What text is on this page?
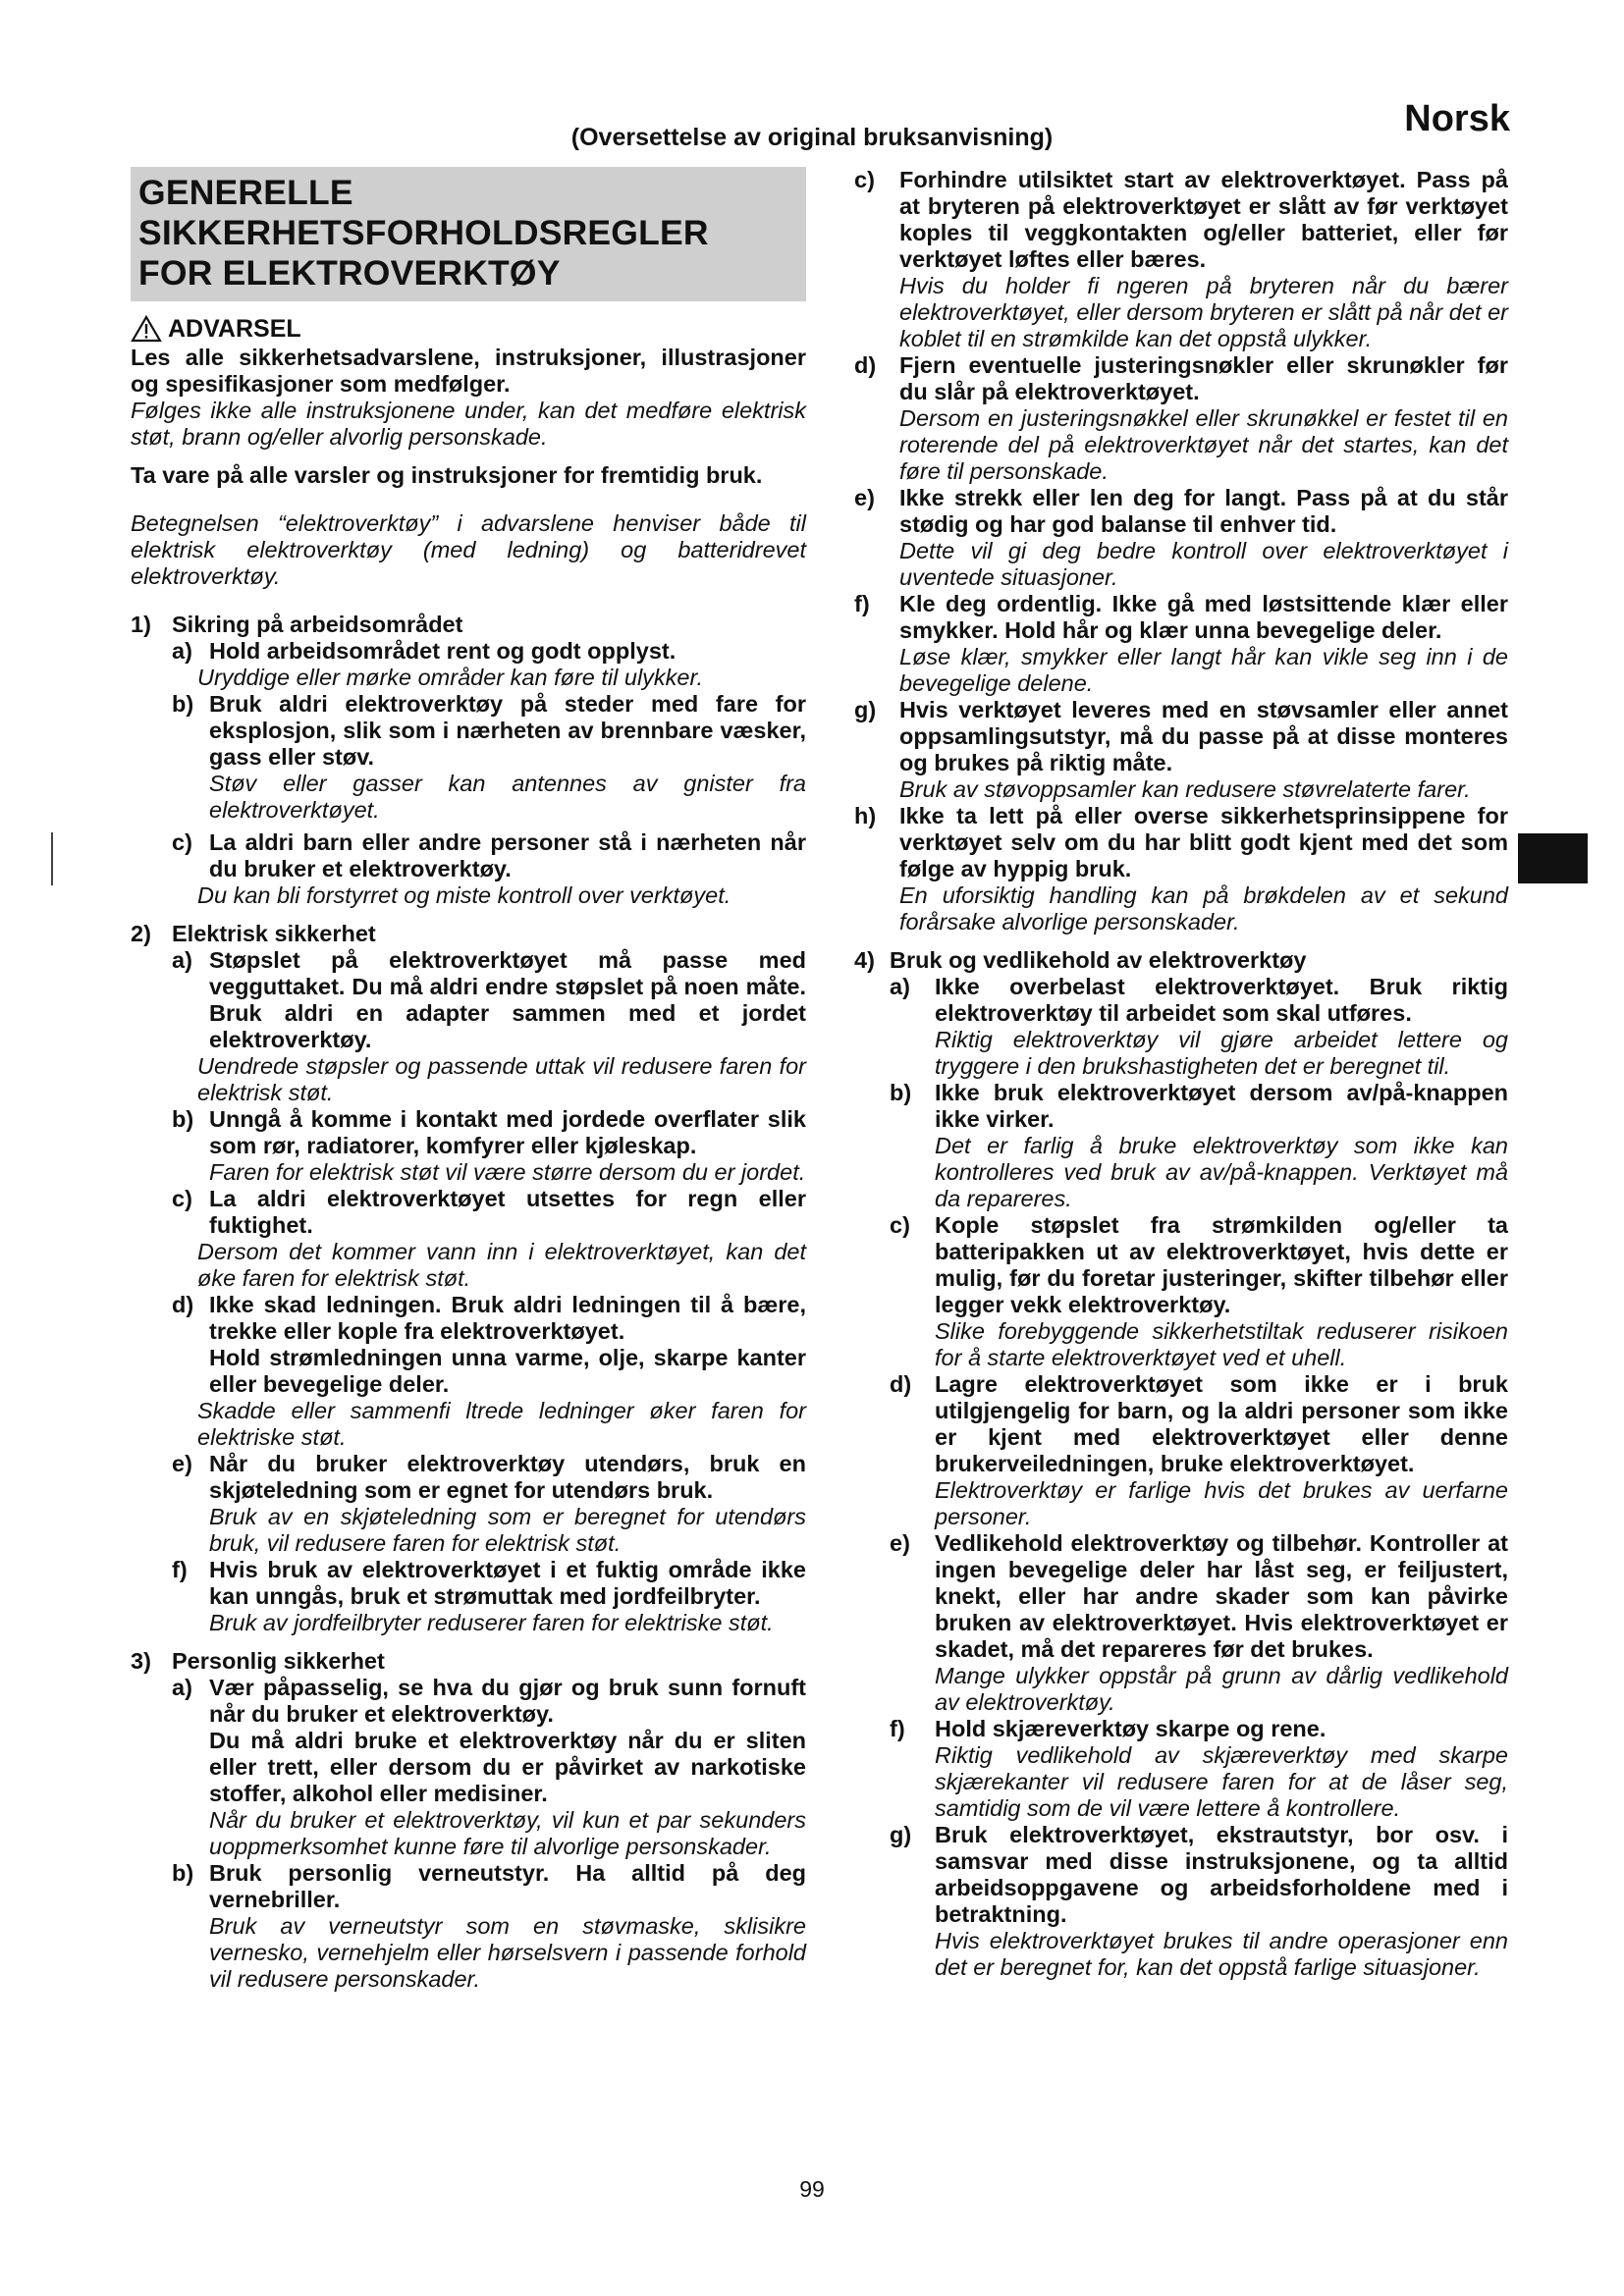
Norsk
(Oversettelse av original bruksanvisning)
GENERELLE
SIKKERHETSFORHOLDSREGLER
FOR ELEKTROVERKTØY
ADVARSEL
Les alle sikkerhetsadvarslene, instruksjoner, illustrasjoner og spesifikasjoner som medfølger.
Følges ikke alle instruksjonene under, kan det medføre elektrisk støt, brann og/eller alvorlig personskade.
Ta vare på alle varsler og instruksjoner for fremtidig bruk.
Betegnelsen “elektroverktøy” i advarslene henviser både til elektrisk elektroverktøy (med ledning) og batteridrevet elektroverktøy.
1) Sikring på arbeidsområdet
a) Hold arbeidsområdet rent og godt opplyst.
Uryddige eller mørke områder kan føre til ulykker.
b) Bruk aldri elektroverktøy på steder med fare for eksplosjon, slik som i nærheten av brennbare væsker, gass eller støv.
Støv eller gasser kan antennes av gnister fra elektroverktøyet.
c) La aldri barn eller andre personer stå i nærheten når du bruker et elektroverktøy.
Du kan bli forstyrret og miste kontroll over verktøyet.
2) Elektrisk sikkerhet
a) Støpslet på elektroverktøyet må passe med vegguttaket. Du må aldri endre støpslet på noen måte. Bruk aldri en adapter sammen med et jordet elektroverktøy.
Uendrede støpsler og passende uttak vil redusere faren for elektrisk støt.
b) Unngå å komme i kontakt med jordede overflater slik som rør, radiatorer, komfyrer eller kjøleskap.
Faren for elektrisk støt vil være større dersom du er jordet.
c) La aldri elektroverktøyet utsettes for regn eller fuktighet.
Dersom det kommer vann inn i elektroverktøyet, kan det øke faren for elektrisk støt.
d) Ikke skad ledningen. Bruk aldri ledningen til å bære, trekke eller kople fra elektroverktøyet.
Hold strømledningen unna varme, olje, skarpe kanter eller bevegelige deler.
Skadde eller sammenfi ltrede ledninger øker faren for elektriske støt.
e) Når du bruker elektroverktøy utendørs, bruk en skjøteledning som er egnet for utendørs bruk.
Bruk av en skjøteledning som er beregnet for utendørs bruk, vil redusere faren for elektrisk støt.
f) Hvis bruk av elektroverktøyet i et fuktig område ikke kan unngås, bruk et strømuttak med jordfeilbryter.
Bruk av jordfeilbryter reduserer faren for elektriske støt.
3) Personlig sikkerhet
a) Vær påpasselig, se hva du gjør og bruk sunn fornuft når du bruker et elektroverktøy.
Du må aldri bruke et elektroverktøy når du er sliten eller trett, eller dersom du er påvirket av narkotiske stoffer, alkohol eller medisiner.
Når du bruker et elektroverktøy, vil kun et par sekunders uoppmerksomhet kunne føre til alvorlige personskader.
b) Bruk personlig verneutstyr. Ha alltid på deg vernebriller.
Bruk av verneutstyr som en støvmaske, sklisikre vernesko, vernehjelm eller hørselsvern i passende forhold vil redusere personskader.
c)	Forhindre utilsiktet start av elektroverktøyet. Pass på at bryteren på elektroverktøyet er slått av før verktøyet koples til veggkontakten og/eller batteriet, eller før verktøyet løftes eller bæres.
Hvis du holder fi ngeren på bryteren når du bærer elektroverktøyet, eller dersom bryteren er slått på når det er koblet til en strømkilde kan det oppstå ulykker.
d)	Fjern eventuelle justeringsnøkler eller skrunøkler før du slår på elektroverktøyet.
Dersom en justeringsnøkkel eller skrunøkkel er festet til en roterende del på elektroverktøyet når det startes, kan det føre til personskade.
e)	Ikke strekk eller len deg for langt. Pass på at du står stødig og har god balanse til enhver tid.
Dette vil gi deg bedre kontroll over elektroverktøyet i uventede situasjoner.
f)	Kle deg ordentlig. Ikke gå med løstsittende klær eller smykker. Hold hår og klær unna bevegelige deler.
Løse klær, smykker eller langt hår kan vikle seg inn i de bevegelige delene.
g)	Hvis verktøyet leveres med en støvsamler eller annet oppsamlingsutstyr, må du passe på at disse monteres og brukes på riktig måte.
Bruk av støvoppsamler kan redusere støvrelaterte farer.
h)	Ikke ta lett på eller overse sikkerhetsprinsippene for verktøyet selv om du har blitt godt kjent med det som følge av hyppig bruk.
En uforsiktig handling kan på brøkdelen av et sekund forårsake alvorlige personskader.
4) Bruk og vedlikehold av elektroverktøy
a)	Ikke overbelast elektroverktøyet. Bruk riktig elektroverktøy til arbeidet som skal utføres.
Riktig elektroverktøy vil gjøre arbeidet lettere og tryggere i den brukshastigheten det er beregnet til.
b)	Ikke bruk elektroverktøyet dersom av/på-knappen ikke virker.
Det er farlig å bruke elektroverktøy som ikke kan kontrolleres ved bruk av av/på-knappen. Verktøyet må da repareres.
c)	Kople støpslet fra strømkilden og/eller ta batteripakken ut av elektroverktøyet, hvis dette er mulig, før du foretar justeringer, skifter tilbehør eller legger vekk elektroverktøy.
Slike forebyggende sikkerhetstiltak reduserer risikoen for å starte elektroverktøyet ved et uhell.
d)	Lagre elektroverktøyet som ikke er i bruk utilgjengelig for barn, og la aldri personer som ikke er kjent med elektroverktøyet eller denne brukerveiledningen, bruke elektroverktøyet.
Elektroverktøy er farlige hvis det brukes av uerfarne personer.
e)	Vedlikehold elektroverktøy og tilbehør. Kontroller at ingen bevegelige deler har låst seg, er feiljustert, knekt, eller har andre skader som kan påvirke bruken av elektroverktøyet. Hvis elektroverktøyet er skadet, må det repareres før det brukes.
Mange ulykker oppstår på grunn av dårlig vedlikehold av elektroverktøy.
f)	Hold skjæreverktøy skarpe og rene.
Riktig vedlikehold av skjæreverktøy med skarpe skjærekanter vil redusere faren for at de låser seg, samtidig som de vil være lettere å kontrollere.
g)	Bruk elektroverktøyet, ekstrautstyr, bor osv. i samsvar med disse instruksjonene, og ta alltid arbeidsoppgavene og arbeidsforholdene med i betraktning.
Hvis elektroverktøyet brukes til andre operasjoner enn det er beregnet for, kan det oppstå farlige situasjoner.
99
